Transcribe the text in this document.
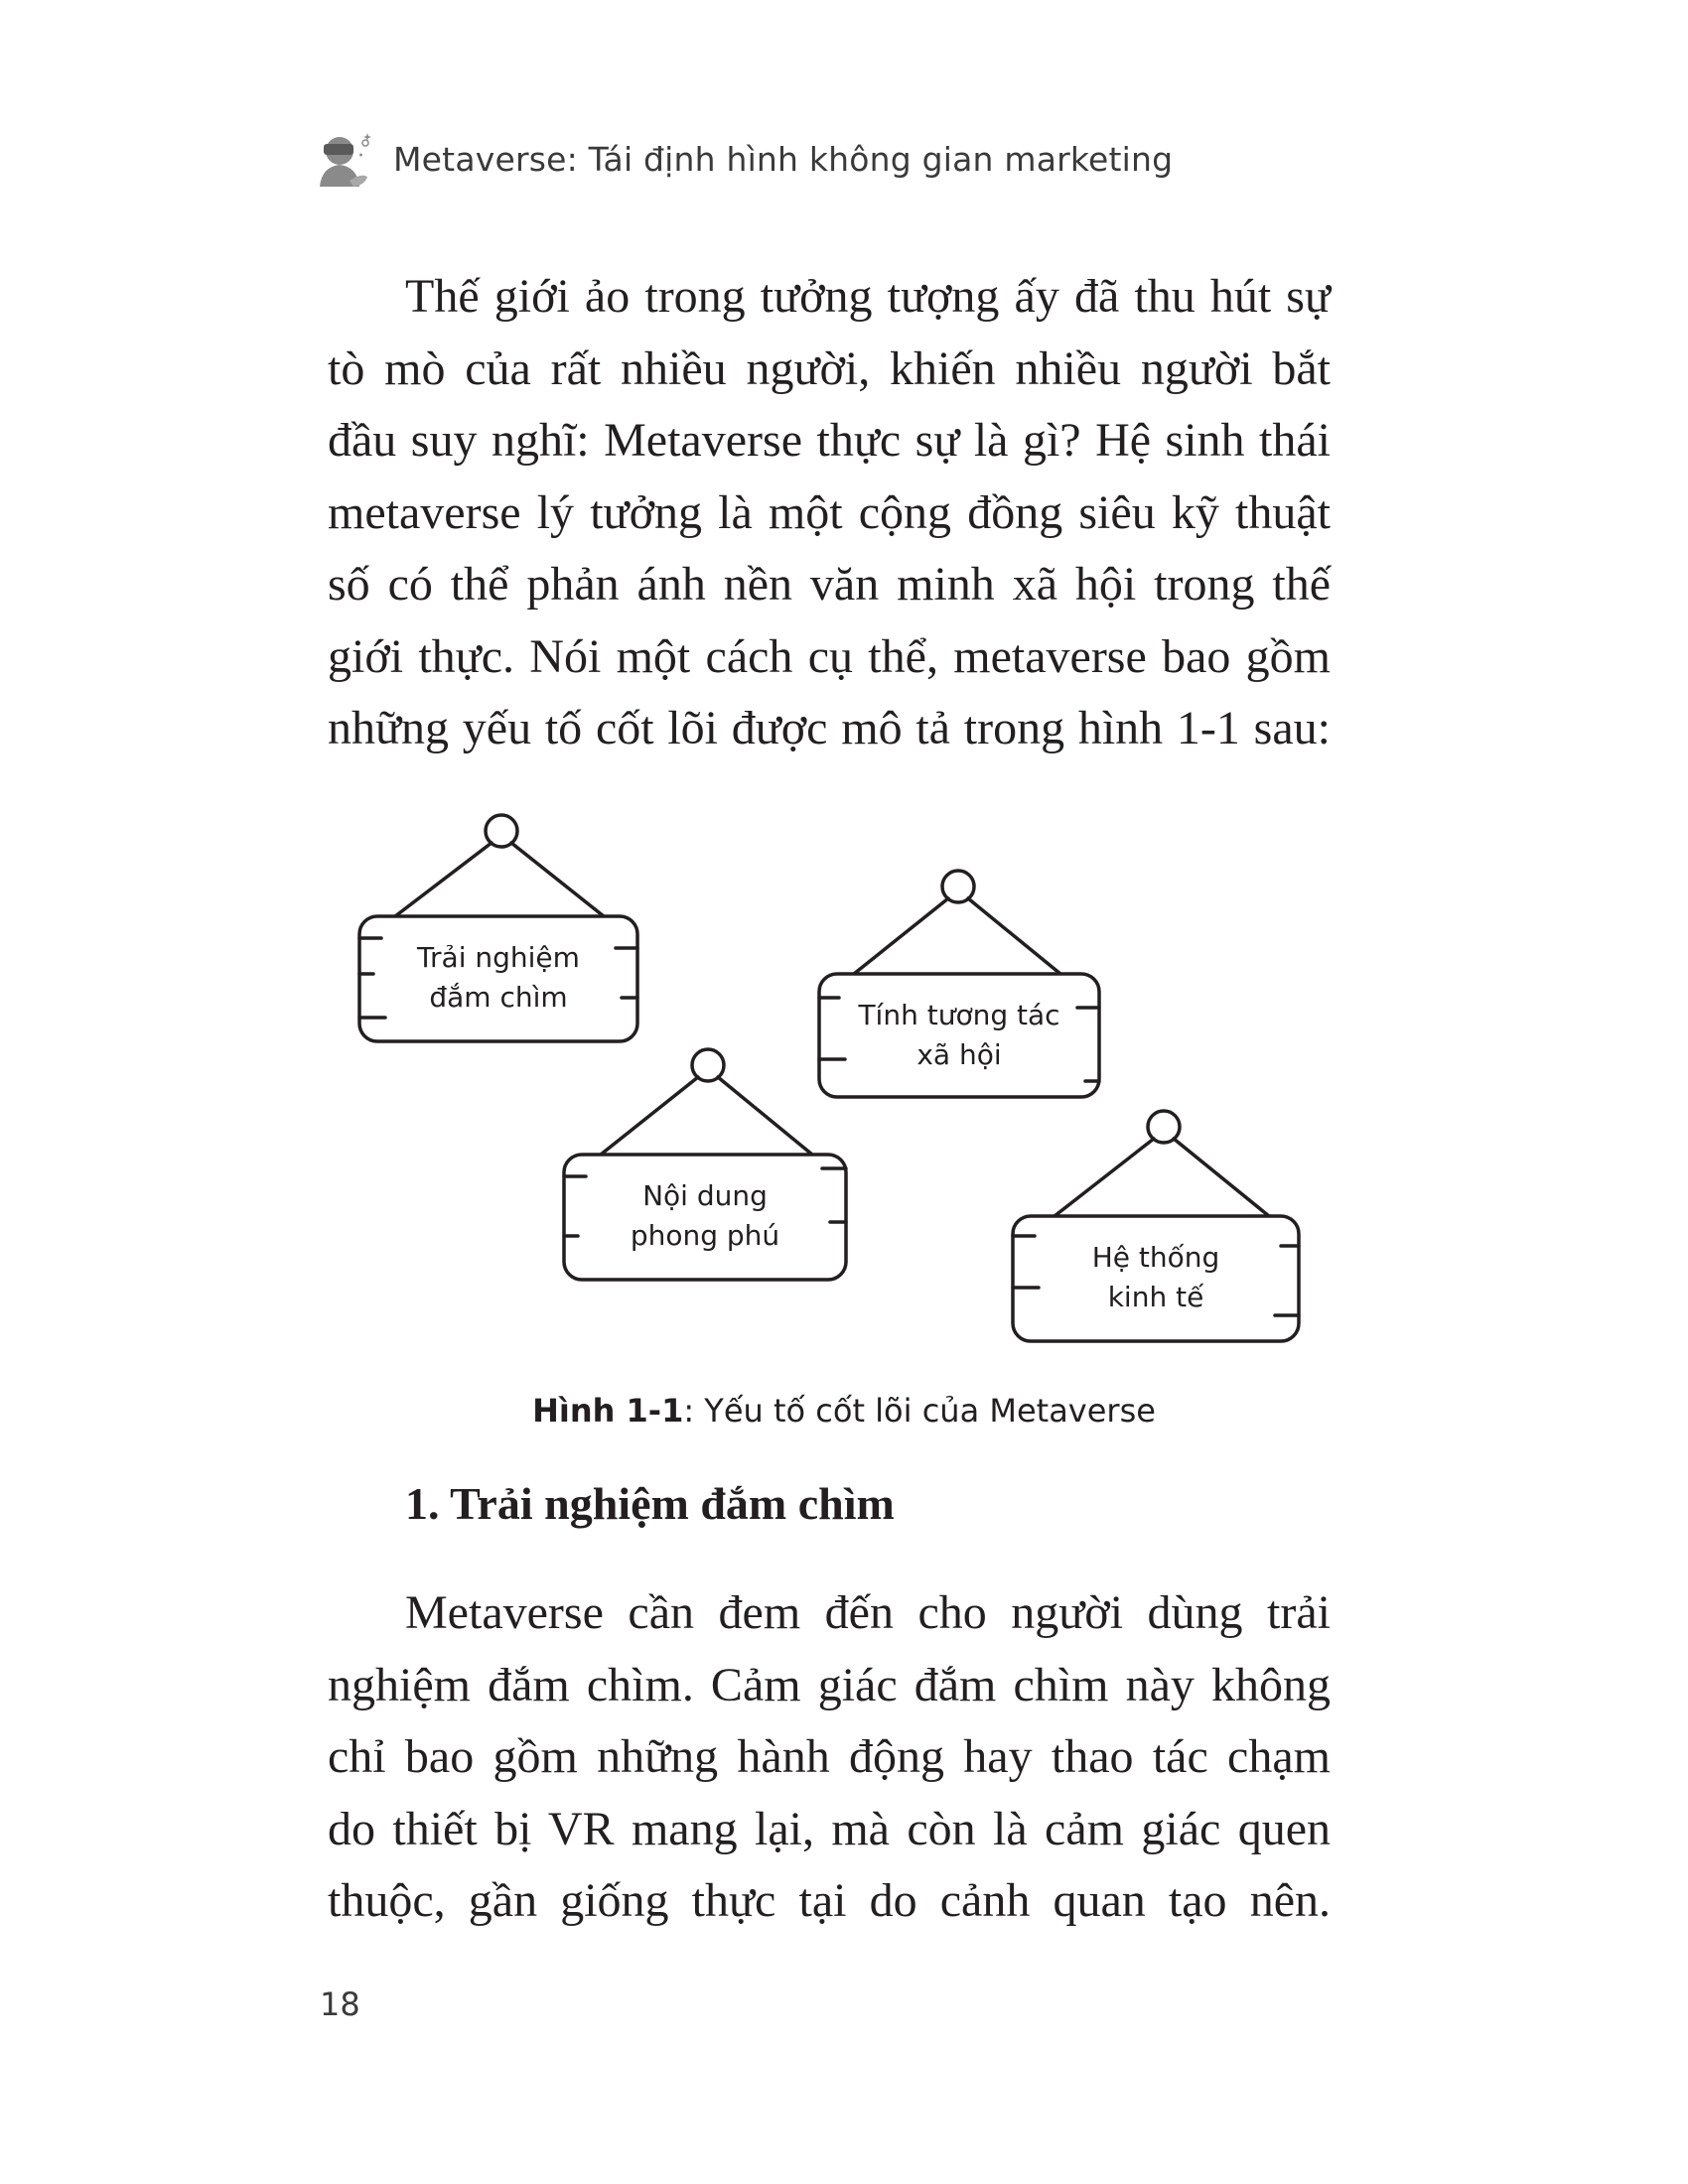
Metaverse: Tái định hình không gian marketing
Thế giới ảo trong tưởng tượng ấy đã thu hút sự
tò mò của rất nhiều người, khiến nhiều người bắt
đầu suy nghĩ: Metaverse thực sự là gì? Hệ sinh thái
metaverse lý tưởng là một cộng đồng siêu kỹ thuật
số có thể phản ánh nền văn minh xã hội trong thế
giới thực. Nói một cách cụ thể, metaverse bao gồm
những yếu tố cốt lõi được mô tả trong hình 1-1 sau:
Trải nghiệm
đắm chìm
Tính tương tác
xã hội
Nội dung
phong phú
Hệ thống
kinh tế
Hình 1-1: Yếu tố cốt lõi của Metaverse
1. Trải nghiệm đắm chìm
Metaverse cần đem đến cho người dùng trải
nghiệm đắm chìm. Cảm giác đắm chìm này không
chỉ bao gồm những hành động hay thao tác chạm
do thiết bị VR mang lại, mà còn là cảm giác quen
thuộc, gần giống thực tại do cảnh quan tạo nên.
18
